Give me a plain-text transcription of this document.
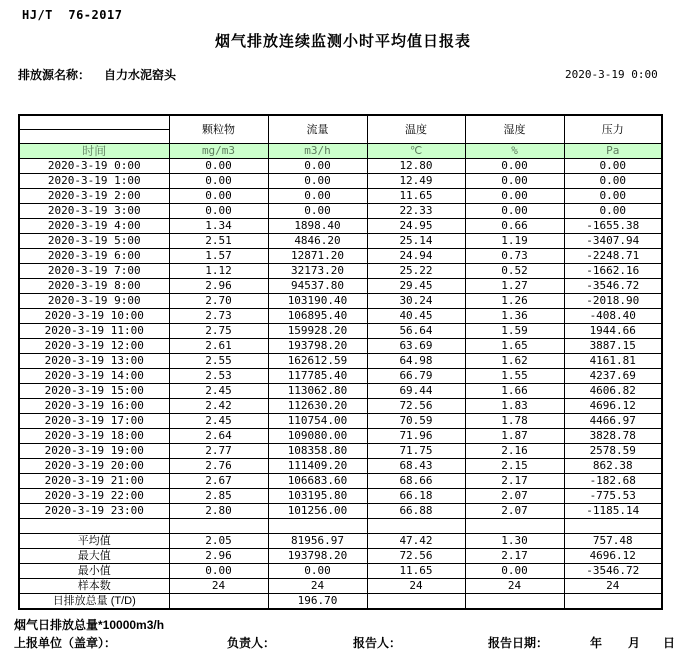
HJ/T  76-2017
烟气排放连续监测小时平均值日报表
排放源名称： 自力水泥窑头	2020-3-19 0:00
	颗粒物	流量	温度	湿度	压力

时间	mg/m3	m3/h	℃	%	Pa
2020-3-19 0:00	0.00	0.00	12.80	0.00	0.00
2020-3-19 1:00	0.00	0.00	12.49	0.00	0.00
2020-3-19 2:00	0.00	0.00	11.65	0.00	0.00
2020-3-19 3:00	0.00	0.00	22.33	0.00	0.00
2020-3-19 4:00	1.34	1898.40	24.95	0.66	-1655.38
2020-3-19 5:00	2.51	4846.20	25.14	1.19	-3407.94
2020-3-19 6:00	1.57	12871.20	24.94	0.73	-2248.71
2020-3-19 7:00	1.12	32173.20	25.22	0.52	-1662.16
2020-3-19 8:00	2.96	94537.80	29.45	1.27	-3546.72
2020-3-19 9:00	2.70	103190.40	30.24	1.26	-2018.90
2020-3-19 10:00	2.73	106895.40	40.45	1.36	-408.40
2020-3-19 11:00	2.75	159928.20	56.64	1.59	1944.66
2020-3-19 12:00	2.61	193798.20	63.69	1.65	3887.15
2020-3-19 13:00	2.55	162612.59	64.98	1.62	4161.81
2020-3-19 14:00	2.53	117785.40	66.79	1.55	4237.69
2020-3-19 15:00	2.45	113062.80	69.44	1.66	4606.82
2020-3-19 16:00	2.42	112630.20	72.56	1.83	4696.12
2020-3-19 17:00	2.45	110754.00	70.59	1.78	4466.97
2020-3-19 18:00	2.64	109080.00	71.96	1.87	3828.78
2020-3-19 19:00	2.77	108358.80	71.75	2.16	2578.59
2020-3-19 20:00	2.76	111409.20	68.43	2.15	862.38
2020-3-19 21:00	2.67	106683.60	68.66	2.17	-182.68
2020-3-19 22:00	2.85	103195.80	66.18	2.07	-775.53
2020-3-19 23:00	2.80	101256.00	66.88	2.07	-1185.14

平均值	2.05	81956.97	47.42	1.30	757.48
最大值	2.96	193798.20	72.56	2.17	4696.12
最小值	0.00	0.00	11.65	0.00	-3546.72
样本数	24	24	24	24	24
日排放总量 (T/D)		196.70			
烟气日排放总量*10000m3/h
上报单位（盖章）：	负责人：	报告人：	报告日期：	年 月 日
